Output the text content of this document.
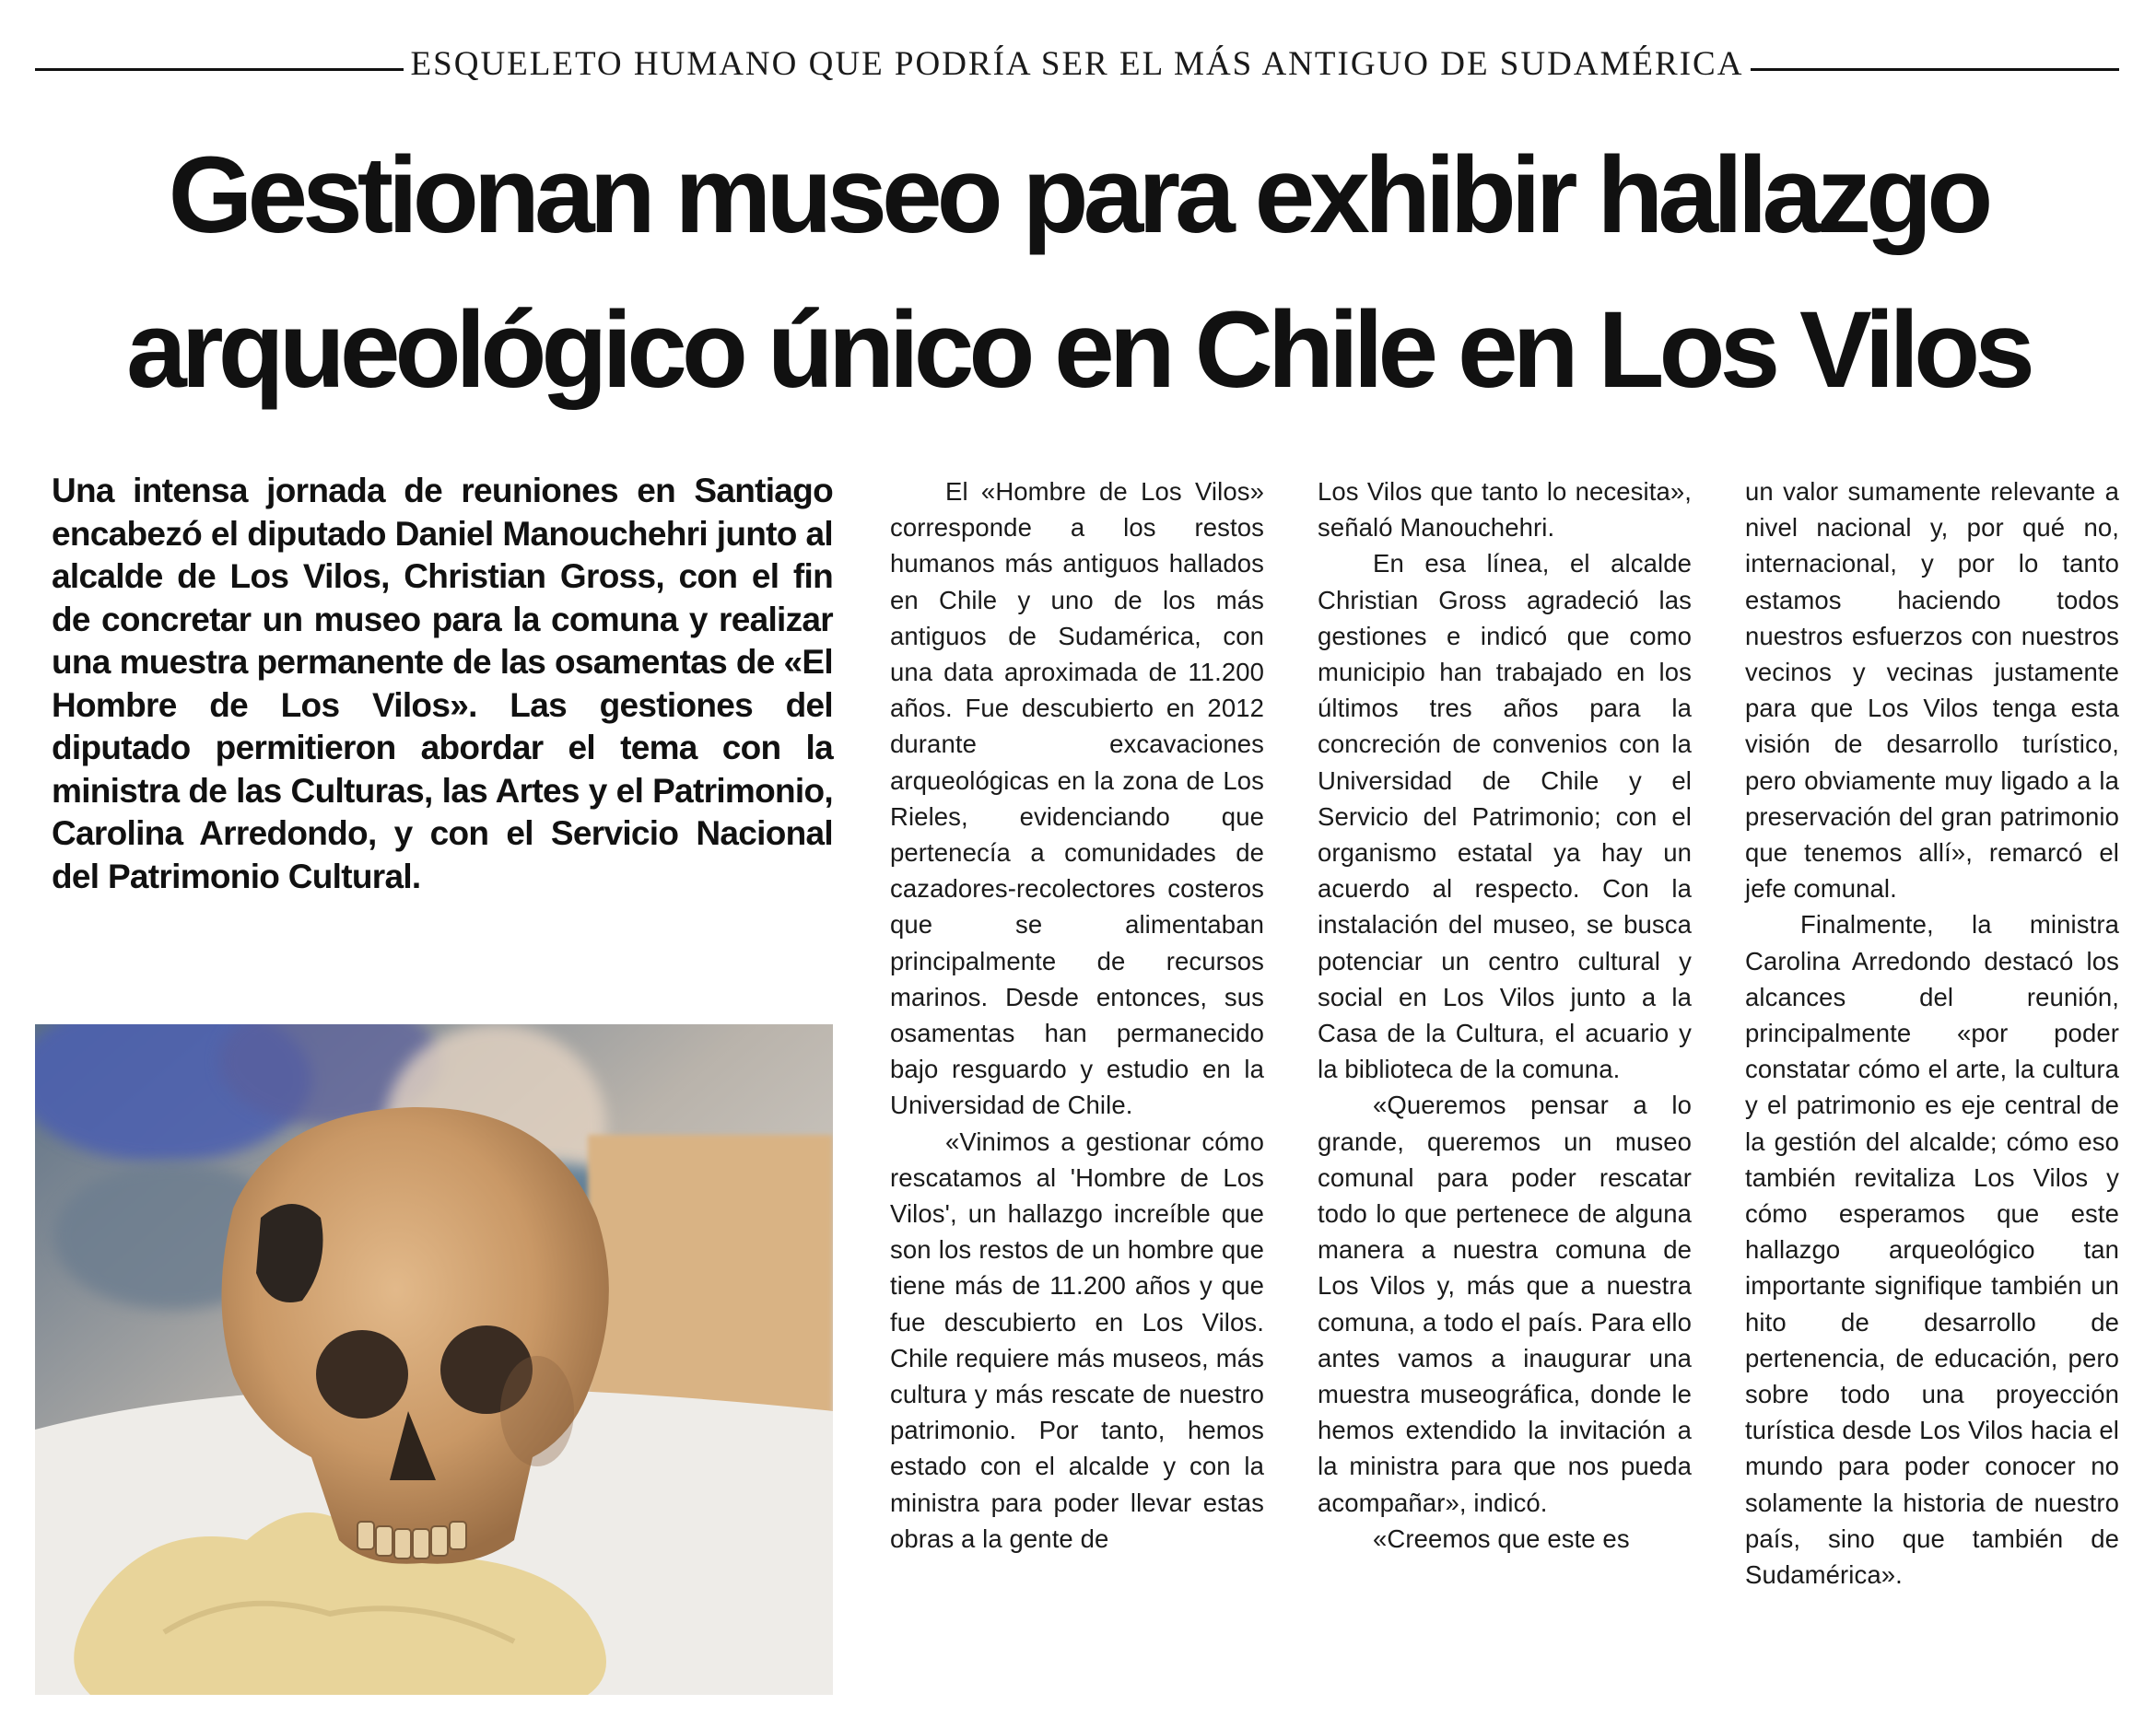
ESQUELETO HUMANO QUE PODRÍA SER EL MÁS ANTIGUO DE SUDAMÉRICA
Gestionan museo para exhibir hallazgo
arqueológico único en Chile en Los Vilos
Una intensa jornada de reuniones en Santiago encabezó el diputado Daniel Manouchehri junto al alcalde de Los Vilos, Christian Gross, con el fin de concretar un museo para la comuna y realizar una muestra permanente de las osamentas de «El Hombre de Los Vilos». Las gestiones del diputado permitieron abordar el tema con la ministra de las Culturas, las Artes y el Patrimonio, Carolina Arredondo, y con el Servicio Nacional del Patrimonio Cultural.

El «Hombre de Los Vilos» corresponde a los restos humanos más antiguos hallados en Chile y uno de los más antiguos de Sudamérica, con una data aproximada de 11.200 años. Fue descubierto en 2012 durante excavaciones arqueológicas en la zona de Los Rieles, evidenciando que pertenecía a comunidades de cazadores-recolectores costeros que se alimentaban principalmente de recursos marinos. Desde entonces, sus osamentas han permanecido bajo resguardo y estudio en la Universidad de Chile.

«Vinimos a gestionar cómo rescatamos al 'Hombre de Los Vilos', un hallazgo increíble que son los restos de un hombre que tiene más de 11.200 años y que fue descubierto en Los Vilos. Chile requiere más museos, más cultura y más rescate de nuestro patrimonio. Por tanto, hemos estado con el alcalde y con la ministra para poder llevar estas obras a la gente de

Los Vilos que tanto lo necesita», señaló Manouchehri.

En esa línea, el alcalde Christian Gross agradeció las gestiones e indicó que como municipio han trabajado en los últimos tres años para la concreción de convenios con la Universidad de Chile y el Servicio del Patrimonio; con el organismo estatal ya hay un acuerdo al respecto. Con la instalación del museo, se busca potenciar un centro cultural y social en Los Vilos junto a la Casa de la Cultura, el acuario y la biblioteca de la comuna.

«Queremos pensar a lo grande, queremos un museo comunal para poder rescatar todo lo que pertenece de alguna manera a nuestra comuna de Los Vilos y, más que a nuestra comuna, a todo el país. Para ello antes vamos a inaugurar una muestra museográfica, donde le hemos extendido la invitación a la ministra para que nos pueda acompañar», indicó.

«Creemos que este es

un valor sumamente relevante a nivel nacional y, por qué no, internacional, y por lo tanto estamos haciendo todos nuestros esfuerzos con nuestros vecinos y vecinas justamente para que Los Vilos tenga esta visión de desarrollo turístico, pero obviamente muy ligado a la preservación del gran patrimonio que tenemos allí», remarcó el jefe comunal.

Finalmente, la ministra Carolina Arredondo destacó los alcances del reunión, principalmente «por poder constatar cómo el arte, la cultura y el patrimonio es eje central de la gestión del alcalde; cómo eso también revitaliza Los Vilos y cómo esperamos que este hallazgo arqueológico tan importante signifique también un hito de desarrollo de pertenencia, de educación, pero sobre todo una proyección turística desde Los Vilos hacia el mundo para poder conocer no solamente la historia de nuestro país, sino que también de Sudamérica».
